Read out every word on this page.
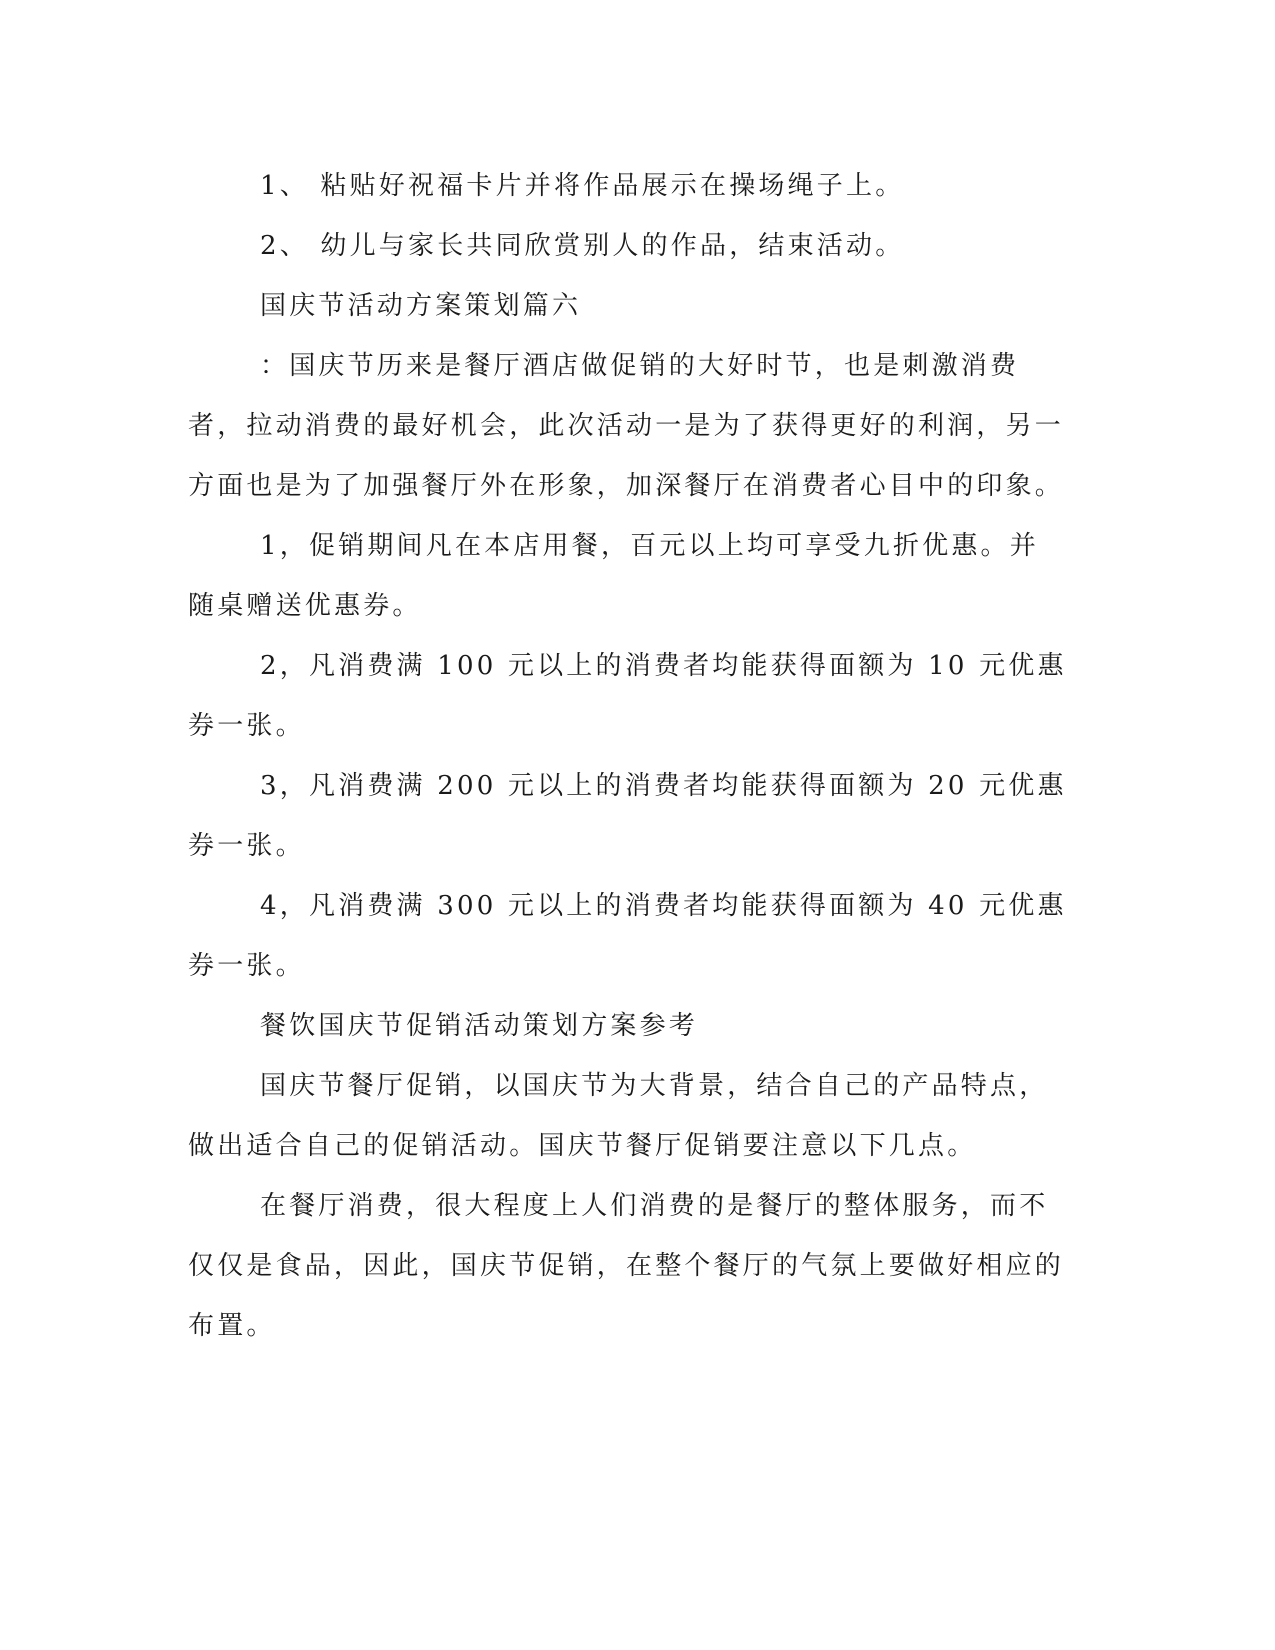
1、 粘贴好祝福卡片并将作品展示在操场绳子上。

2、 幼儿与家长共同欣赏别人的作品，结束活动。

国庆节活动方案策划篇六

：国庆节历来是餐厅酒店做促销的大好时节，也是刺激消费者，拉动消费的最好机会，此次活动一是为了获得更好的利润，另一方面也是为了加强餐厅外在形象，加深餐厅在消费者心目中的印象。

1，促销期间凡在本店用餐，百元以上均可享受九折优惠。并随桌赠送优惠券。

2，凡消费满 100 元以上的消费者均能获得面额为 10 元优惠券一张。

3，凡消费满 200 元以上的消费者均能获得面额为 20 元优惠券一张。

4，凡消费满 300 元以上的消费者均能获得面额为 40 元优惠券一张。

餐饮国庆节促销活动策划方案参考

国庆节餐厅促销，以国庆节为大背景，结合自己的产品特点，做出适合自己的促销活动。国庆节餐厅促销要注意以下几点。

在餐厅消费，很大程度上人们消费的是餐厅的整体服务，而不仅仅是食品，因此，国庆节促销，在整个餐厅的气氛上要做好相应的布置。
